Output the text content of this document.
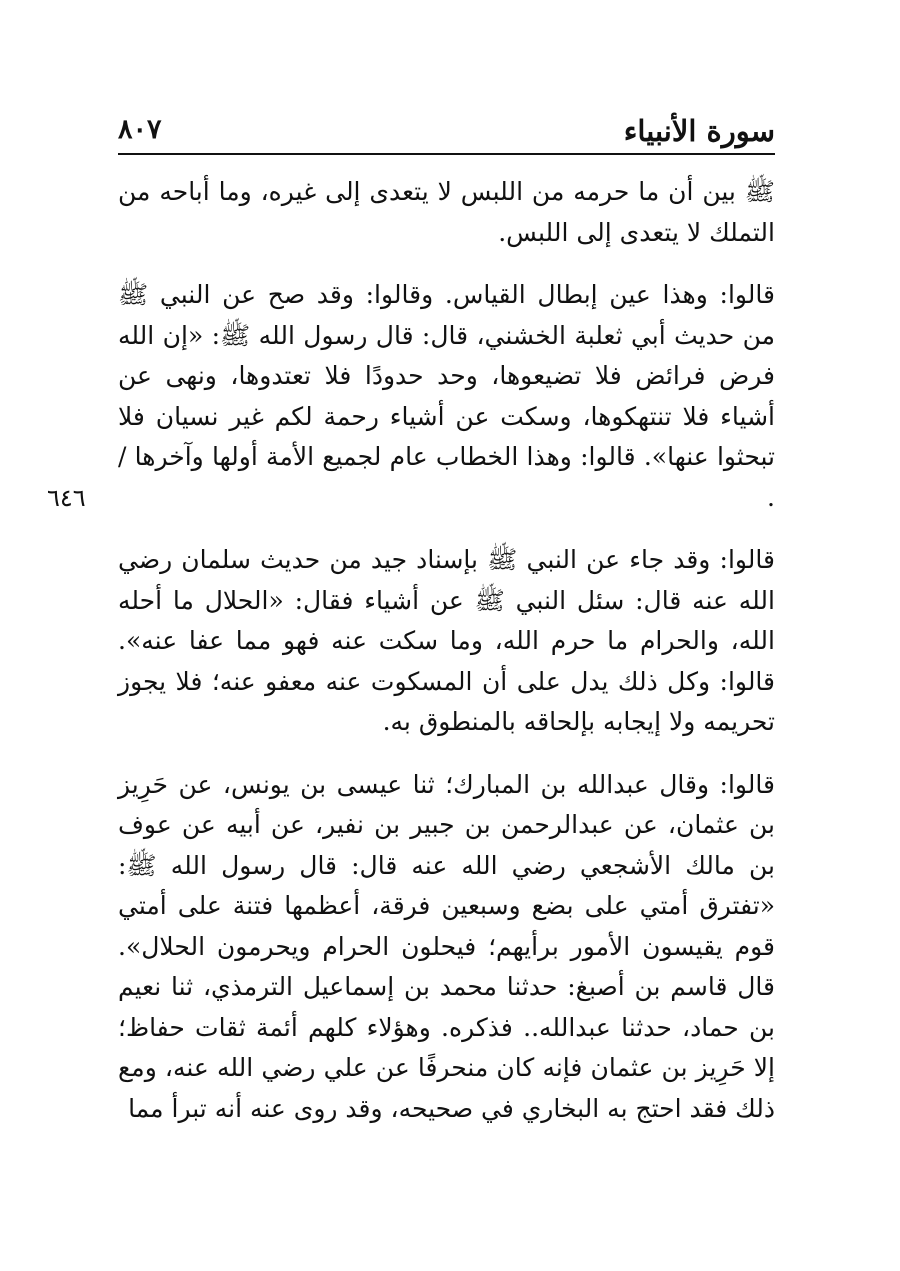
سورة الأنبياء
٨٠٧
٦٤٦

ﷺ بين أن ما حرمه من اللبس لا يتعدى إلى غيره، وما أباحه من التملك لا يتعدى إلى اللبس.

قالوا: وهذا عين إبطال القياس. وقالوا: وقد صح عن النبي ﷺ من حديث أبي ثعلبة الخشني، قال: قال رسول الله ﷺ: «إن الله فرض فرائض فلا تضيعوها، وحد حدودًا فلا تعتدوها، ونهى عن أشياء فلا تنتهكوها، وسكت عن أشياء رحمة لكم غير نسيان فلا تبحثوا عنها». قالوا: وهذا الخطاب عام لجميع الأمة أولها وآخرها / .

قالوا: وقد جاء عن النبي ﷺ بإسناد جيد من حديث سلمان رضي الله عنه قال: سئل النبي ﷺ عن أشياء فقال: «الحلال ما أحله الله، والحرام ما حرم الله، وما سكت عنه فهو مما عفا عنه». قالوا: وكل ذلك يدل على أن المسكوت عنه معفو عنه؛ فلا يجوز تحريمه ولا إيجابه بإلحاقه بالمنطوق به.

قالوا: وقال عبدالله بن المبارك؛ ثنا عيسى بن يونس، عن حَرِيز بن عثمان، عن عبدالرحمن بن جبير بن نفير، عن أبيه عن عوف بن مالك الأشجعي رضي الله عنه قال: قال رسول الله ﷺ: «تفترق أمتي على بضع وسبعين فرقة، أعظمها فتنة على أمتي قوم يقيسون الأمور برأيهم؛ فيحلون الحرام ويحرمون الحلال». قال قاسم بن أصبغ: حدثنا محمد بن إسماعيل الترمذي، ثنا نعيم بن حماد، حدثنا عبدالله.. فذكره. وهؤلاء كلهم أئمة ثقات حفاظ؛ إلا حَرِيز بن عثمان فإنه كان منحرفًا عن علي رضي الله عنه، ومع ذلك فقد احتج به البخاري في صحيحه، وقد روى عنه أنه تبرأ مما
